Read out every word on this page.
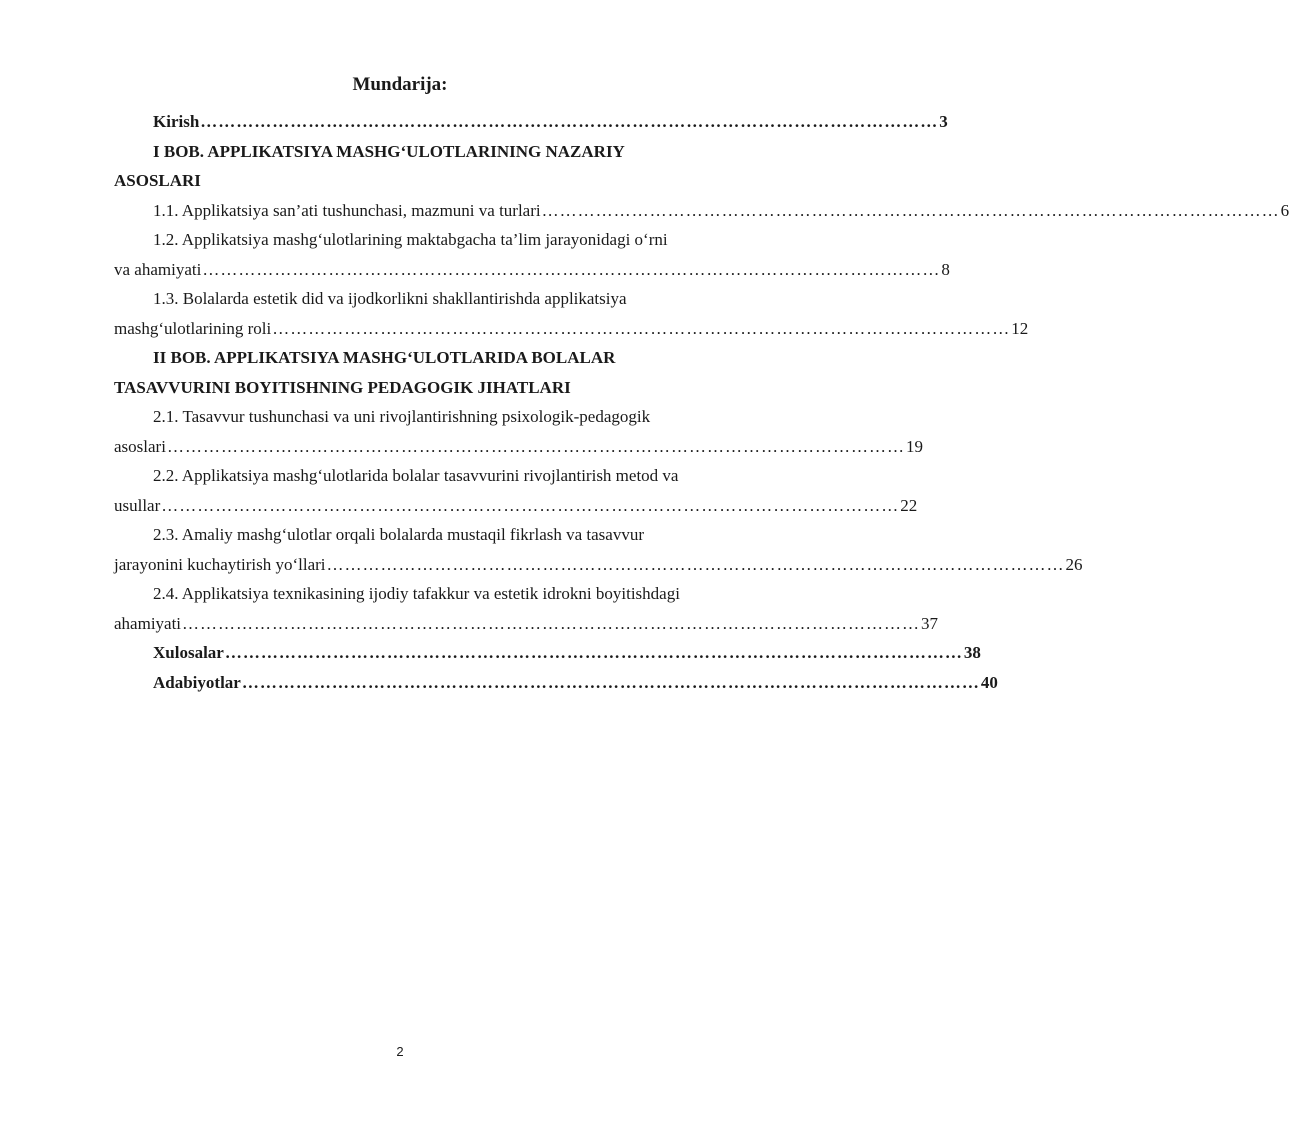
Mundarija:
Kirish …………………………………………………………………………………………………………… 3
I BOB. APPLIKATSIYA MASHG‘ULOTLARINING NAZARIY
ASOSLARI
1.1. Applikatsiya san’ati tushunchasi, mazmuni va turlari …………………………………………………………………………………………………………… 6
1.2. Applikatsiya mashg‘ulotlarining maktabgacha ta’lim jarayonidagi o‘rni
va ahamiyati …………………………………………………………………………………………………………… 8
1.3. Bolalarda estetik did va ijodkorlikni shakllantirishda applikatsiya
mashg‘ulotlarining roli …………………………………………………………………………………………………………… 12
II BOB. APPLIKATSIYA MASHG‘ULOTLARIDA BOLALAR
TASAVVURINI BOYITISHNING PEDAGOGIK JIHATLARI
2.1. Tasavvur tushunchasi va uni rivojlantirishning psixologik-pedagogik
asoslari …………………………………………………………………………………………………………… 19
2.2. Applikatsiya mashg‘ulotlarida bolalar tasavvurini rivojlantirish metod va
usullar …………………………………………………………………………………………………………… 22
2.3. Amaliy mashg‘ulotlar orqali bolalarda mustaqil fikrlash va tasavvur
jarayonini kuchaytirish yo‘llari …………………………………………………………………………………………………………… 26
2.4. Applikatsiya texnikasining ijodiy tafakkur va estetik idrokni boyitishdagi
ahamiyati …………………………………………………………………………………………………………… 37
Xulosalar …………………………………………………………………………………………………………… 38
Adabiyotlar …………………………………………………………………………………………………………… 40
2
